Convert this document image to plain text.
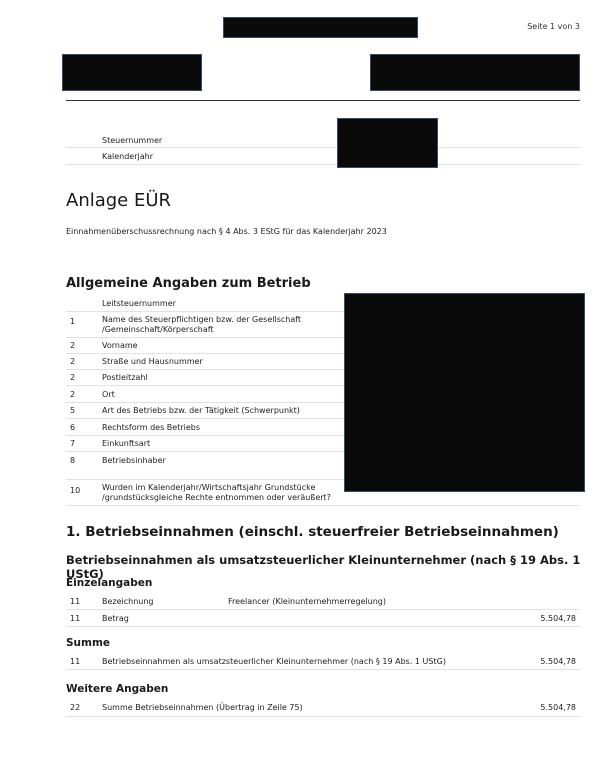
Seite 1 von 3
Steuernummer
Kalenderjahr
Anlage EÜR
Einnahmenüberschussrechnung nach § 4 Abs. 3 EStG für das Kalenderjahr 2023
Allgemeine Angaben zum Betrieb
Leitsteuernummer
1	Name des Steuerpflichtigen bzw. der Gesellschaft /Gemeinschaft/Körperschaft
2	Vorname
2	Straße und Hausnummer
2	Postleitzahl
2	Ort
5	Art des Betriebs bzw. der Tätigkeit (Schwerpunkt)
6	Rechtsform des Betriebs
7	Einkunftsart
8	Betriebsinhaber
10	Wurden im Kalenderjahr/Wirtschaftsjahr Grundstücke /grundstücksgleiche Rechte entnommen oder veräußert?
1. Betriebseinnahmen (einschl. steuerfreier Betriebseinnahmen)
Betriebseinnahmen als umsatzsteuerlicher Kleinunternehmer (nach § 19 Abs. 1 UStG)
Einzelangaben
11	Bezeichnung	Freelancer (Kleinunternehmerregelung)
11	Betrag	5.504,78
Summe
11	Betriebseinnahmen als umsatzsteuerlicher Kleinunternehmer (nach § 19 Abs. 1 UStG)	5.504,78
Weitere Angaben
22	Summe Betriebseinnahmen (Übertrag in Zeile 75)	5.504,78
